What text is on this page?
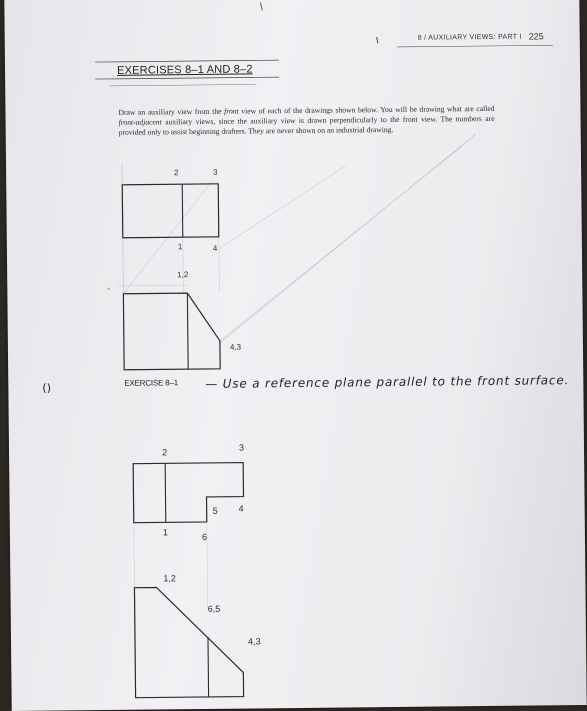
8 / AUXILIARY VIEWS: PART I 225
EXERCISES 8–1 AND 8–2
Draw an auxiliary view from the front view of each of the drawings shown below. You will be drawing what are called front-adjacent auxiliary views, since the auxiliary view is drawn perpendicularly to the front view. The numbers are provided only to assist beginning drafters. They are never shown on an industrial drawing.
2	3
1	4
1,2
4,3
EXERCISE 8–1 — Use a reference plane parallel to the front surface.
2	3
5 4
1	6
1,2
6,5
4,3
()
